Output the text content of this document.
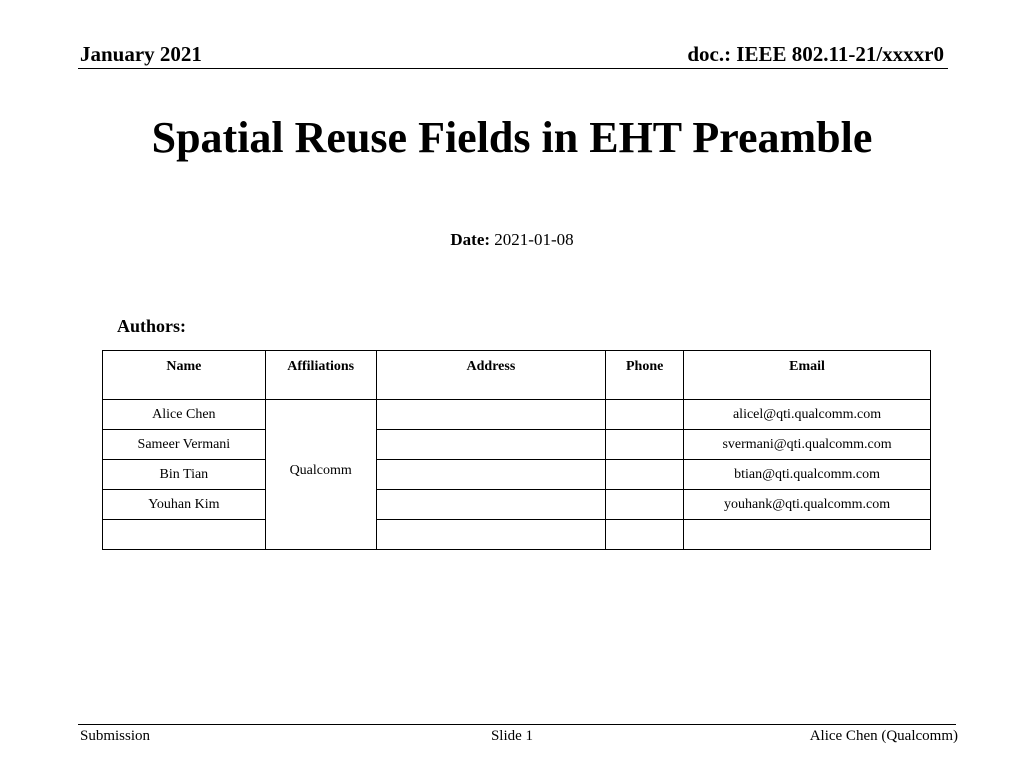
January 2021	doc.: IEEE 802.11-21/xxxxr0
Spatial Reuse Fields in EHT Preamble
Date: 2021-01-08
Authors:
Name	Affiliations	Address	Phone	Email
Alice Chen	Qualcomm			alicel@qti.qualcomm.com
Sameer Vermani				svermani@qti.qualcomm.com
Bin Tian				btian@qti.qualcomm.com
Youhan Kim				youhank@qti.qualcomm.com

Submission	Slide 1	Alice Chen (Qualcomm)
